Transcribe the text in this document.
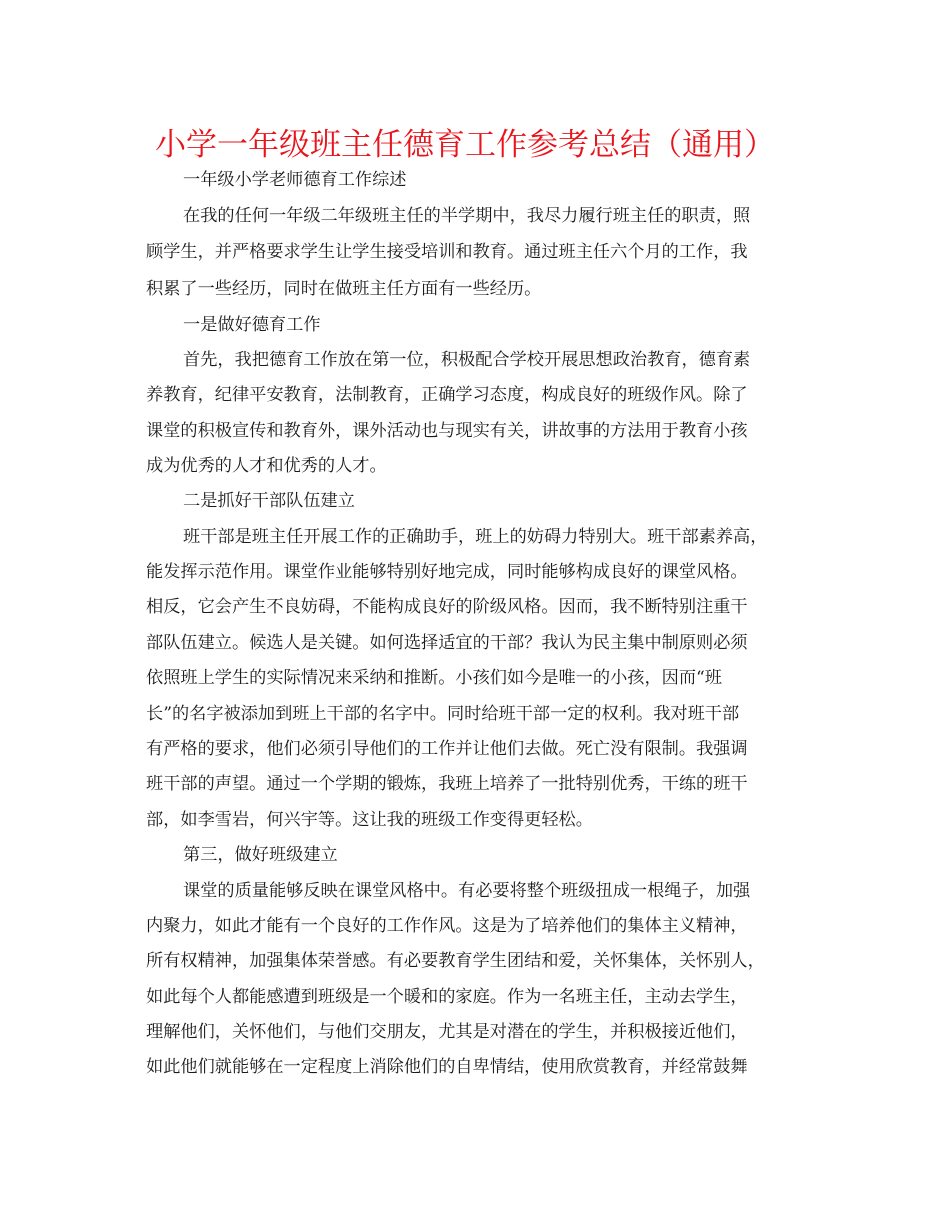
小学一年级班主任德育工作参考总结（通用）

一年级小学老师德育工作综述

在我的任何一年级二年级班主任的半学期中，我尽力履行班主任的职责，照

顾学生，并严格要求学生让学生接受培训和教育。通过班主任六个月的工作，我

积累了一些经历，同时在做班主任方面有一些经历。

一是做好德育工作

首先，我把德育工作放在第一位，积极配合学校开展思想政治教育，德育素

养教育，纪律平安教育，法制教育，正确学习态度，构成良好的班级作风。除了

课堂的积极宣传和教育外，课外活动也与现实有关，讲故事的方法用于教育小孩

成为优秀的人才和优秀的人才。

二是抓好干部队伍建立

班干部是班主任开展工作的正确助手，班上的妨碍力特别大。班干部素养高，

能发挥示范作用。课堂作业能够特别好地完成，同时能够构成良好的课堂风格。

相反，它会产生不良妨碍，不能构成良好的阶级风格。因而，我不断特别注重干

部队伍建立。候选人是关键。如何选择适宜的干部？我认为民主集中制原则必须

依照班上学生的实际情况来采纳和推断。小孩们如今是唯一的小孩，因而“班

长”的名字被添加到班上干部的名字中。同时给班干部一定的权利。我对班干部

有严格的要求，他们必须引导他们的工作并让他们去做。死亡没有限制。我强调

班干部的声望。通过一个学期的锻炼，我班上培养了一批特别优秀，干练的班干

部，如李雪岩，何兴宇等。这让我的班级工作变得更轻松。

第三，做好班级建立

课堂的质量能够反映在课堂风格中。有必要将整个班级扭成一根绳子，加强

内聚力，如此才能有一个良好的工作作风。这是为了培养他们的集体主义精神，

所有权精神，加强集体荣誉感。有必要教育学生团结和爱，关怀集体，关怀别人，

如此每个人都能感遭到班级是一个暖和的家庭。作为一名班主任，主动去学生，

理解他们，关怀他们，与他们交朋友，尤其是对潜在的学生，并积极接近他们，

如此他们就能够在一定程度上消除他们的自卑情结，使用欣赏教育，并经常鼓舞
